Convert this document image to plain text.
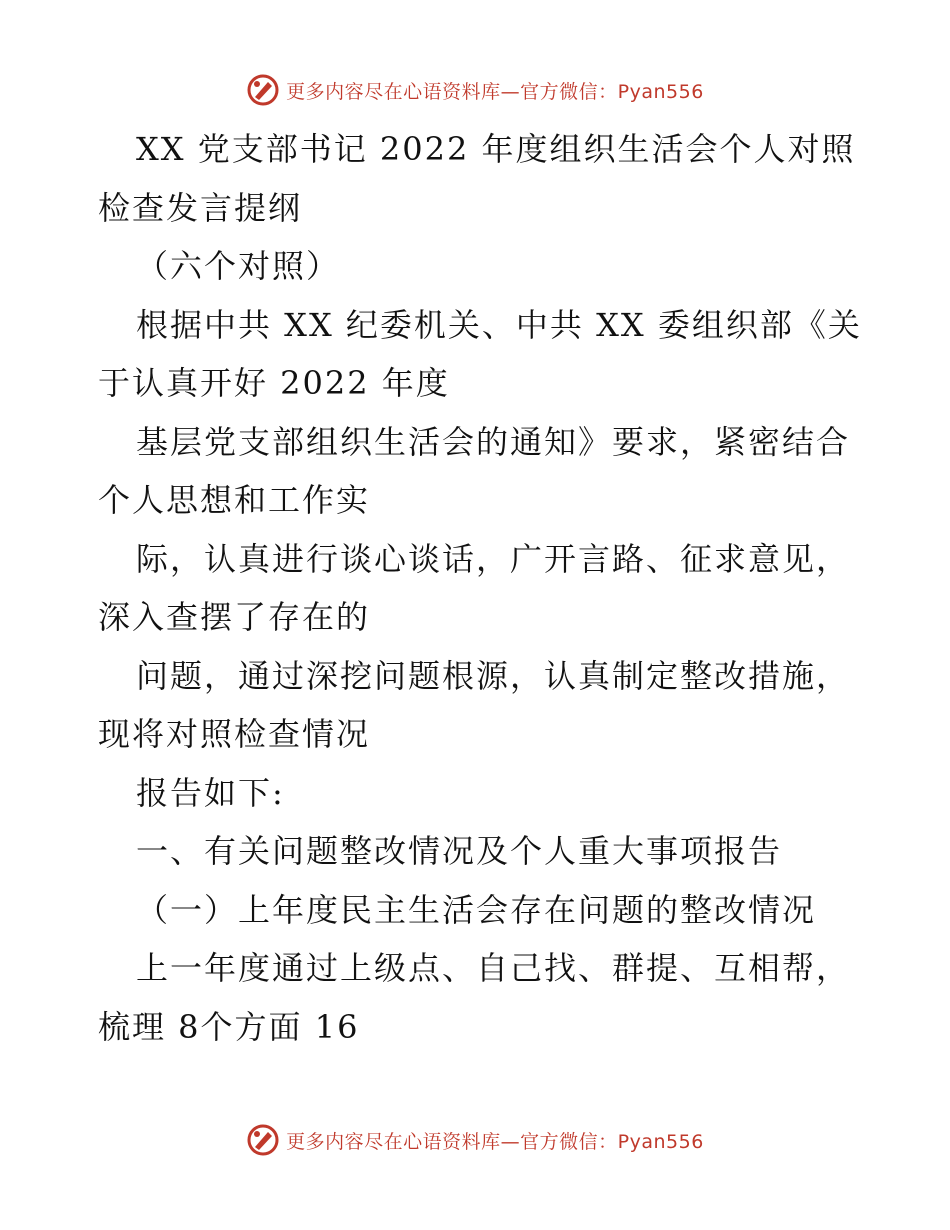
更多内容尽在心语资料库—官方微信：Pyan556
XX 党支部书记 2022 年度组织生活会个人对照
检查发言提纲
（六个对照）
根据中共 XX 纪委机关、中共 XX 委组织部《关
于认真开好 2022 年度
基层党支部组织生活会的通知》要求，紧密结合
个人思想和工作实
际，认真进行谈心谈话，广开言路、征求意见，
深入查摆了存在的
问题，通过深挖问题根源，认真制定整改措施，
现将对照检查情况
报告如下:
一、有关问题整改情况及个人重大事项报告
（一）上年度民主生活会存在问题的整改情况
上一年度通过上级点、自己找、群提、互相帮，
梳理 8个方面 16
更多内容尽在心语资料库—官方微信：Pyan556
